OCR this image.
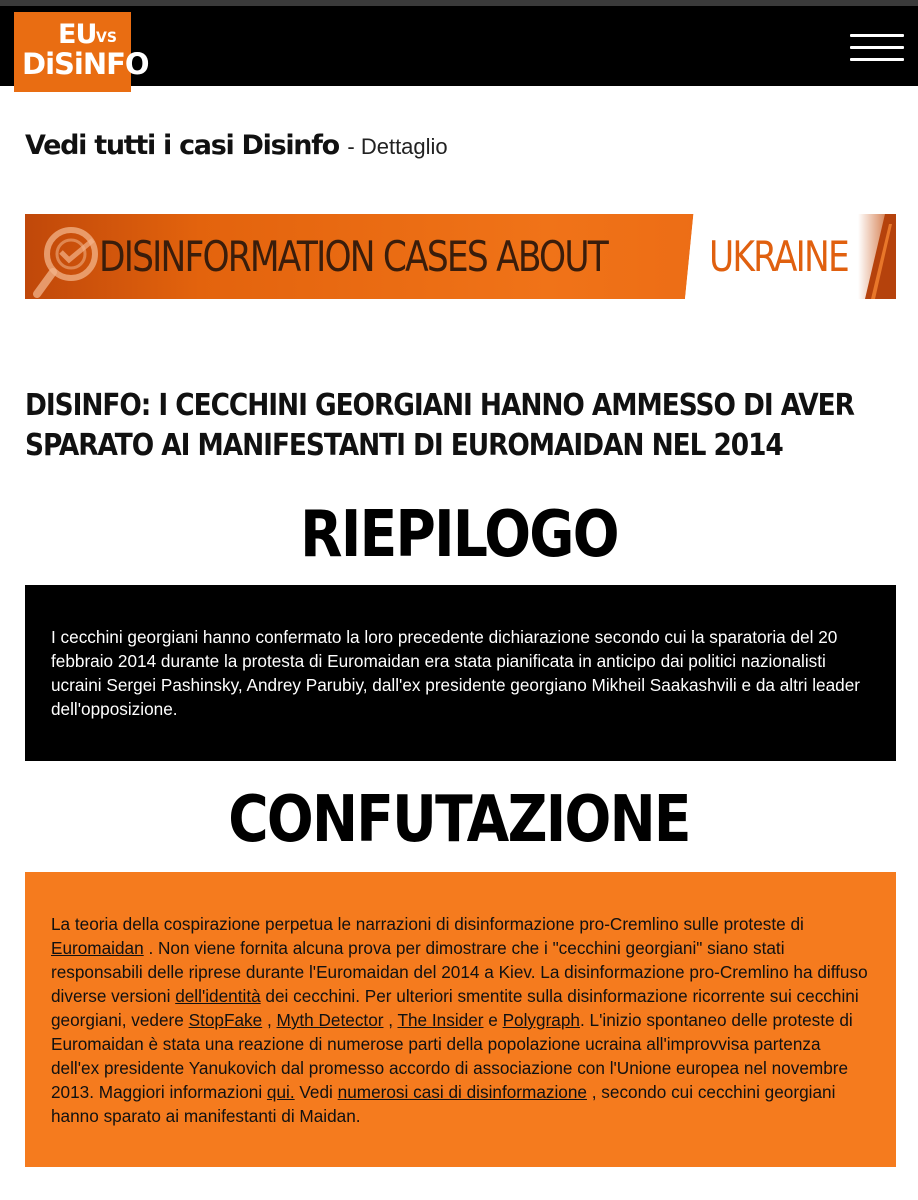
EU VS
DiSiNFO
Vedi tutti i casi Disinfo - Dettaglio
DISINFORMATION CASES ABOUT UKRAINE
DISINFO: I CECCHINI GEORGIANI HANNO AMMESSO DI AVER SPARATO AI MANIFESTANTI DI EUROMAIDAN NEL 2014
RIEPILOGO

I cecchini georgiani hanno confermato la loro precedente dichiarazione secondo cui la sparatoria del 20 febbraio 2014 durante la protesta di Euromaidan era stata pianificata in anticipo dai politici nazionalisti ucraini Sergei Pashinsky, Andrey Parubiy, dall'ex presidente georgiano Mikheil Saakashvili e da altri leader dell'opposizione.

CONFUTAZIONE

La teoria della cospirazione perpetua le narrazioni di disinformazione pro-Cremlino sulle proteste di Euromaidan . Non viene fornita alcuna prova per dimostrare che i "cecchini georgiani" siano stati responsabili delle riprese durante l'Euromaidan del 2014 a Kiev. La disinformazione pro-Cremlino ha diffuso diverse versioni dell'identità dei cecchini. Per ulteriori smentite sulla disinformazione ricorrente sui cecchini georgiani, vedere StopFake , Myth Detector , The Insider e Polygraph. L'inizio spontaneo delle proteste di Euromaidan è stata una reazione di numerose parti della popolazione ucraina all'improvvisa partenza dell'ex presidente Yanukovich dal promesso accordo di associazione con l'Unione europea nel novembre 2013. Maggiori informazioni qui. Vedi numerosi casi di disinformazione , secondo cui cecchini georgiani hanno sparato ai manifestanti di Maidan.
